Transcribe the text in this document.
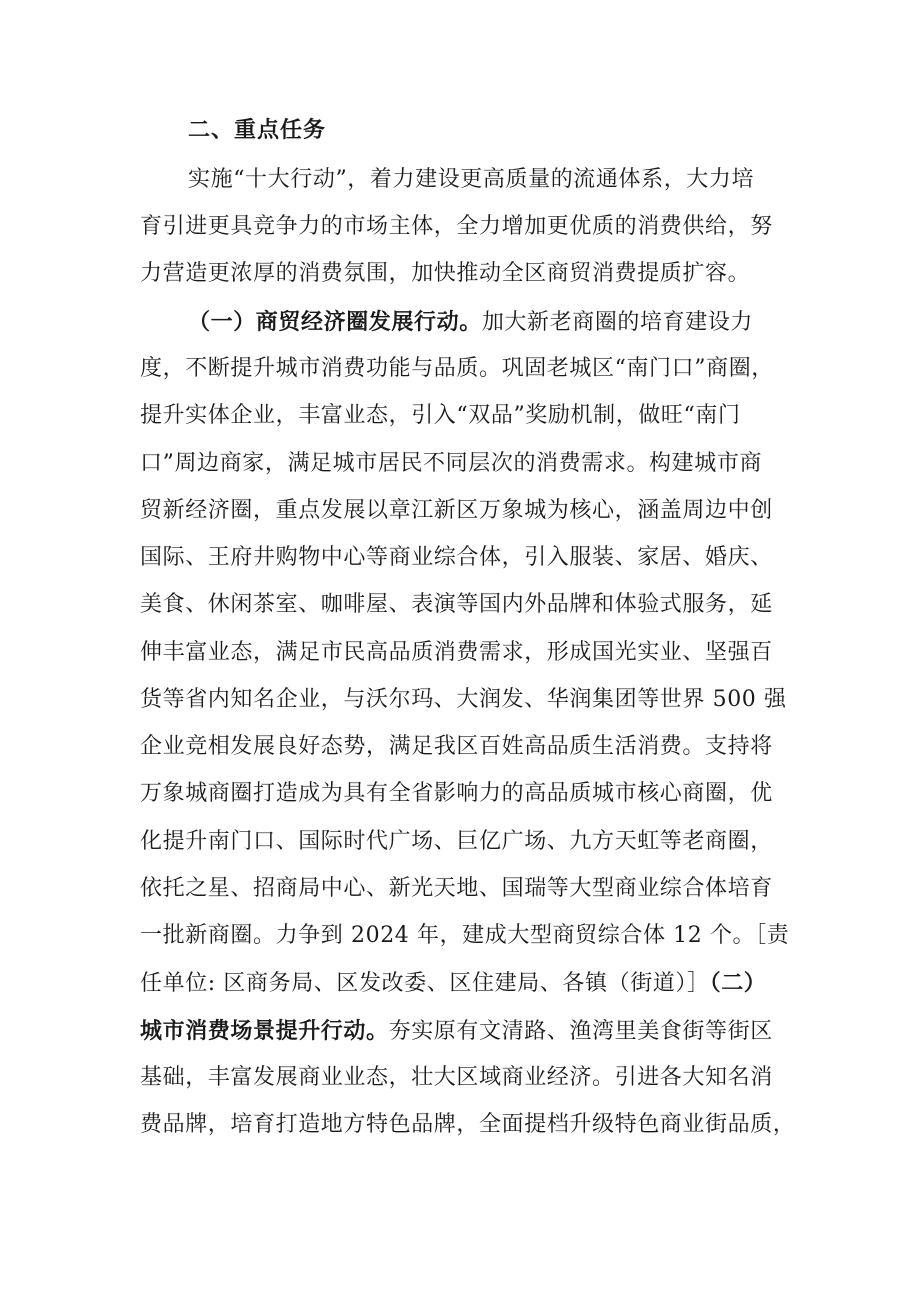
二、重点任务
实施“十大行动”，着力建设更高质量的流通体系，大力培
育引进更具竞争力的市场主体，全力增加更优质的消费供给，努
力营造更浓厚的消费氛围，加快推动全区商贸消费提质扩容。
（一）商贸经济圈发展行动。加大新老商圈的培育建设力
度，不断提升城市消费功能与品质。巩固老城区“南门口”商圈，
提升实体企业，丰富业态，引入“双品”奖励机制，做旺“南门
口”周边商家，满足城市居民不同层次的消费需求。构建城市商
贸新经济圈，重点发展以章江新区万象城为核心，涵盖周边中创
国际、王府井购物中心等商业综合体，引入服装、家居、婚庆、
美食、休闲茶室、咖啡屋、表演等国内外品牌和体验式服务，延
伸丰富业态，满足市民高品质消费需求，形成国光实业、坚强百
货等省内知名企业，与沃尔玛、大润发、华润集团等世界 500 强
企业竞相发展良好态势，满足我区百姓高品质生活消费。支持将
万象城商圈打造成为具有全省影响力的高品质城市核心商圈，优
化提升南门口、国际时代广场、巨亿广场、九方天虹等老商圈，
依托之星、招商局中心、新光天地、国瑞等大型商业综合体培育
一批新商圈。力争到 2024 年，建成大型商贸综合体 12 个。［责
任单位: 区商务局、区发改委、区住建局、各镇（街道）］（二）
城市消费场景提升行动。夯实原有文清路、渔湾里美食街等街区
基础，丰富发展商业业态，壮大区域商业经济。引进各大知名消
费品牌，培育打造地方特色品牌，全面提档升级特色商业街品质，
